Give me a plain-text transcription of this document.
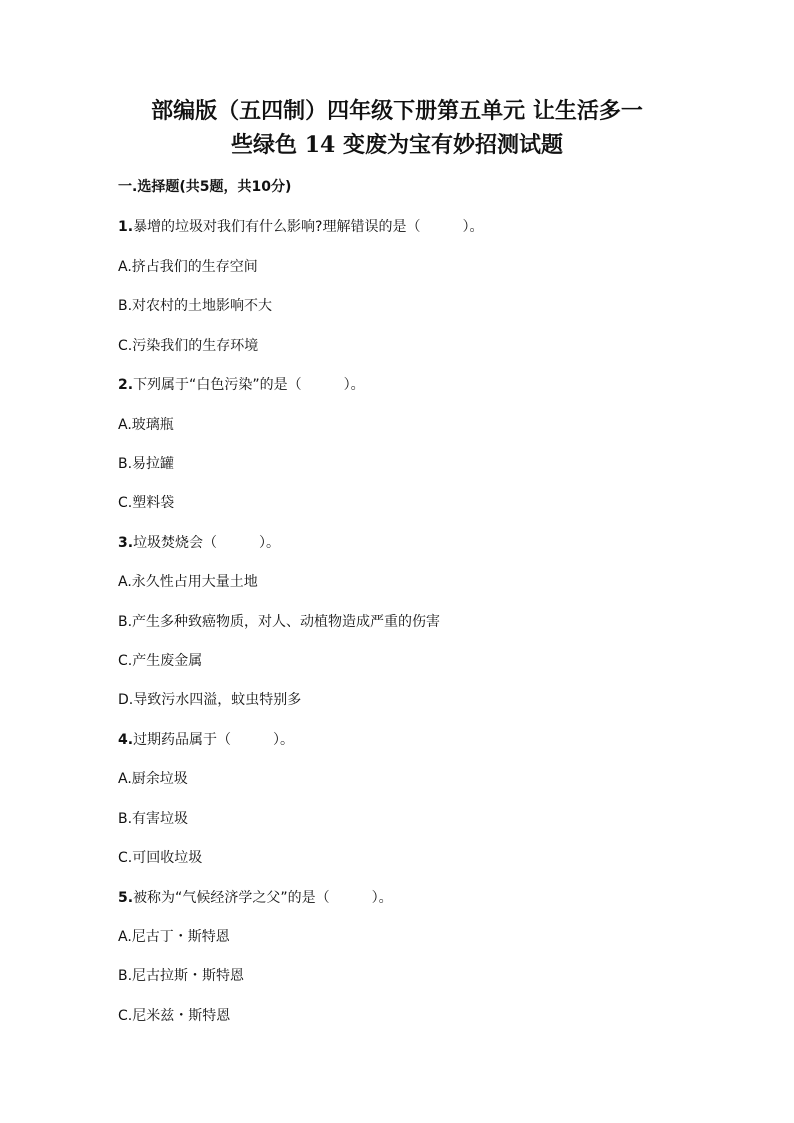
部编版（五四制）四年级下册第五单元 让生活多一
些绿色 14 变废为宝有妙招测试题
一.选择题(共5题，共10分)
1.暴增的垃圾对我们有什么影响?理解错误的是（　　　）。
A.挤占我们的生存空间
B.对农村的土地影响不大
C.污染我们的生存环境
2.下列属于“白色污染”的是（　　　）。
A.玻璃瓶
B.易拉罐
C.塑料袋
3.垃圾焚烧会（　　　）。
A.永久性占用大量土地
B.产生多种致癌物质，对人、动植物造成严重的伤害
C.产生废金属
D.导致污水四溢，蚊虫特别多
4.过期药品属于（　　　）。
A.厨余垃圾
B.有害垃圾
C.可回收垃圾
5.被称为“气候经济学之父”的是（　　　）。
A.尼古丁・斯特恩
B.尼古拉斯・斯特恩
C.尼米兹・斯特恩
